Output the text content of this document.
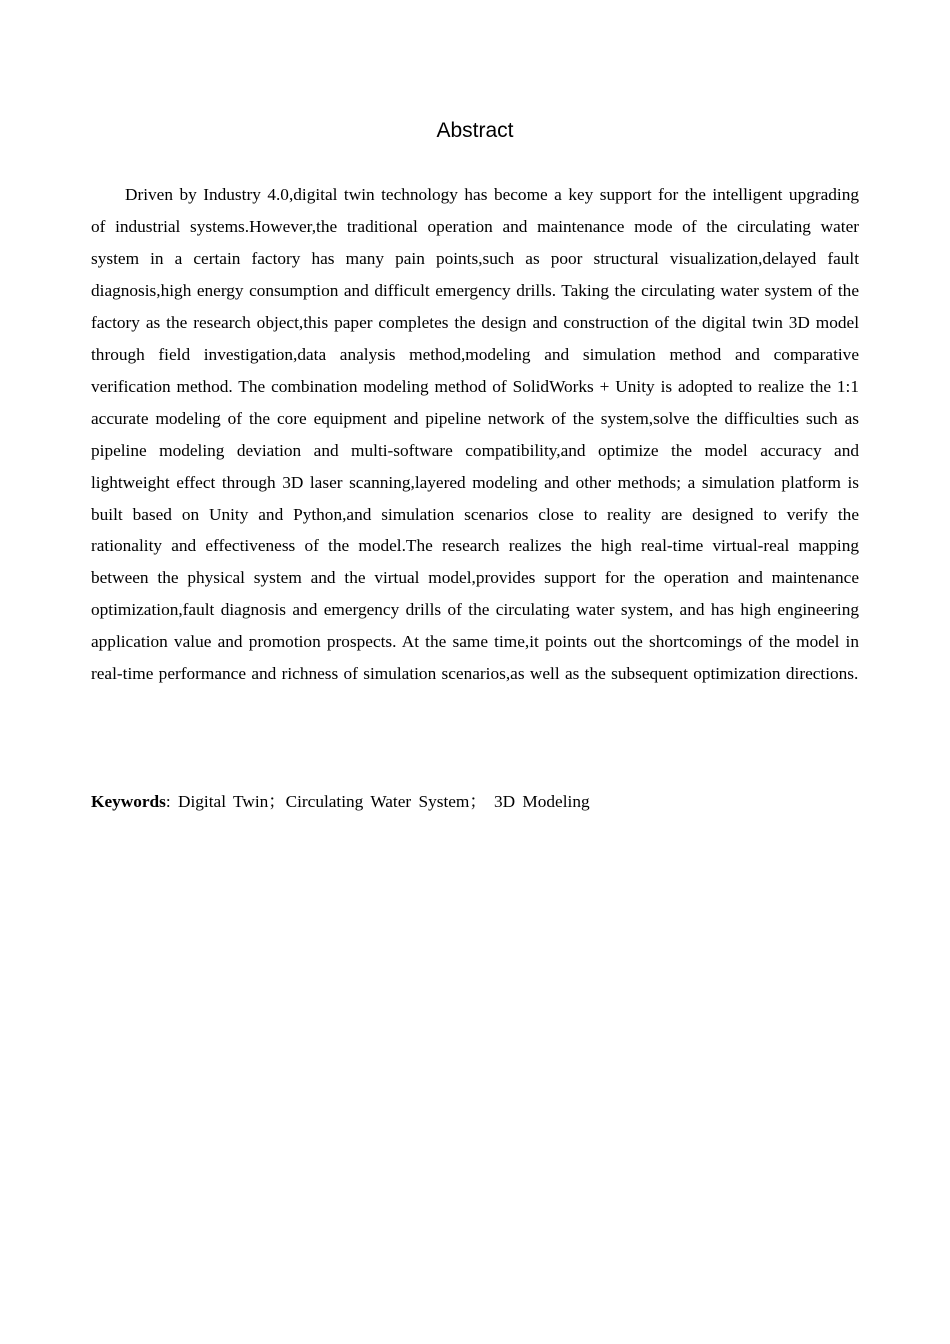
Abstract

Driven by Industry 4.0,digital twin technology has become a key support for the intelligent upgrading of industrial systems.However,the traditional operation and maintenance mode of the circulating water system in a certain factory has many pain points,such as poor structural visualization,delayed fault diagnosis,high energy consumption and difficult emergency drills. Taking the circulating water system of the factory as the research object,this paper completes the design and construction of the digital twin 3D model through field investigation,data analysis method,modeling and simulation method and comparative verification method. The combination modeling method of SolidWorks + Unity is adopted to realize the 1:1 accurate modeling of the core equipment and pipeline network of the system,solve the difficulties such as pipeline modeling deviation and multi-software compatibility,and optimize the model accuracy and lightweight effect through 3D laser scanning,layered modeling and other methods; a simulation platform is built based on Unity and Python,and simulation scenarios close to reality are designed to verify the rationality and effectiveness of the model.The research realizes the high real-time virtual-real mapping between the physical system and the virtual model,provides support for the operation and maintenance optimization,fault diagnosis and emergency drills of the circulating water system, and has high engineering application value and promotion prospects. At the same time,it points out the shortcomings of the model in real-time performance and richness of simulation scenarios,as well as the subsequent optimization directions.

Keywords: Digital Twin；Circulating Water System； 3D Modeling
